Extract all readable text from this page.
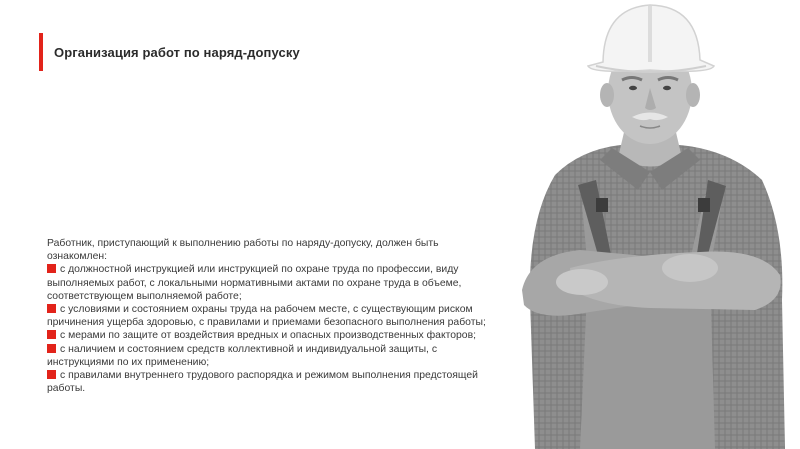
Организация работ по наряд-допуску

Работник, приступающий к выполнению работы по наряду-допуску, должен быть ознакомлен:

с должностной инструкцией или инструкцией по охране труда по профессии, виду выполняемых работ, с локальными нормативными актами по охране труда в объеме, соответствующем выполняемой работе;
с условиями и состоянием охраны труда на рабочем месте, с существующим риском причинения ущерба здоровью, с правилами и приемами безопасного выполнения работы;
с мерами по защите от воздействия вредных и опасных производственных факторов;
с наличием и состоянием средств коллективной и индивидуальной защиты, с инструкциями по их применению;
с правилами внутреннего трудового распорядка и режимом выполнения предстоящей работы.
